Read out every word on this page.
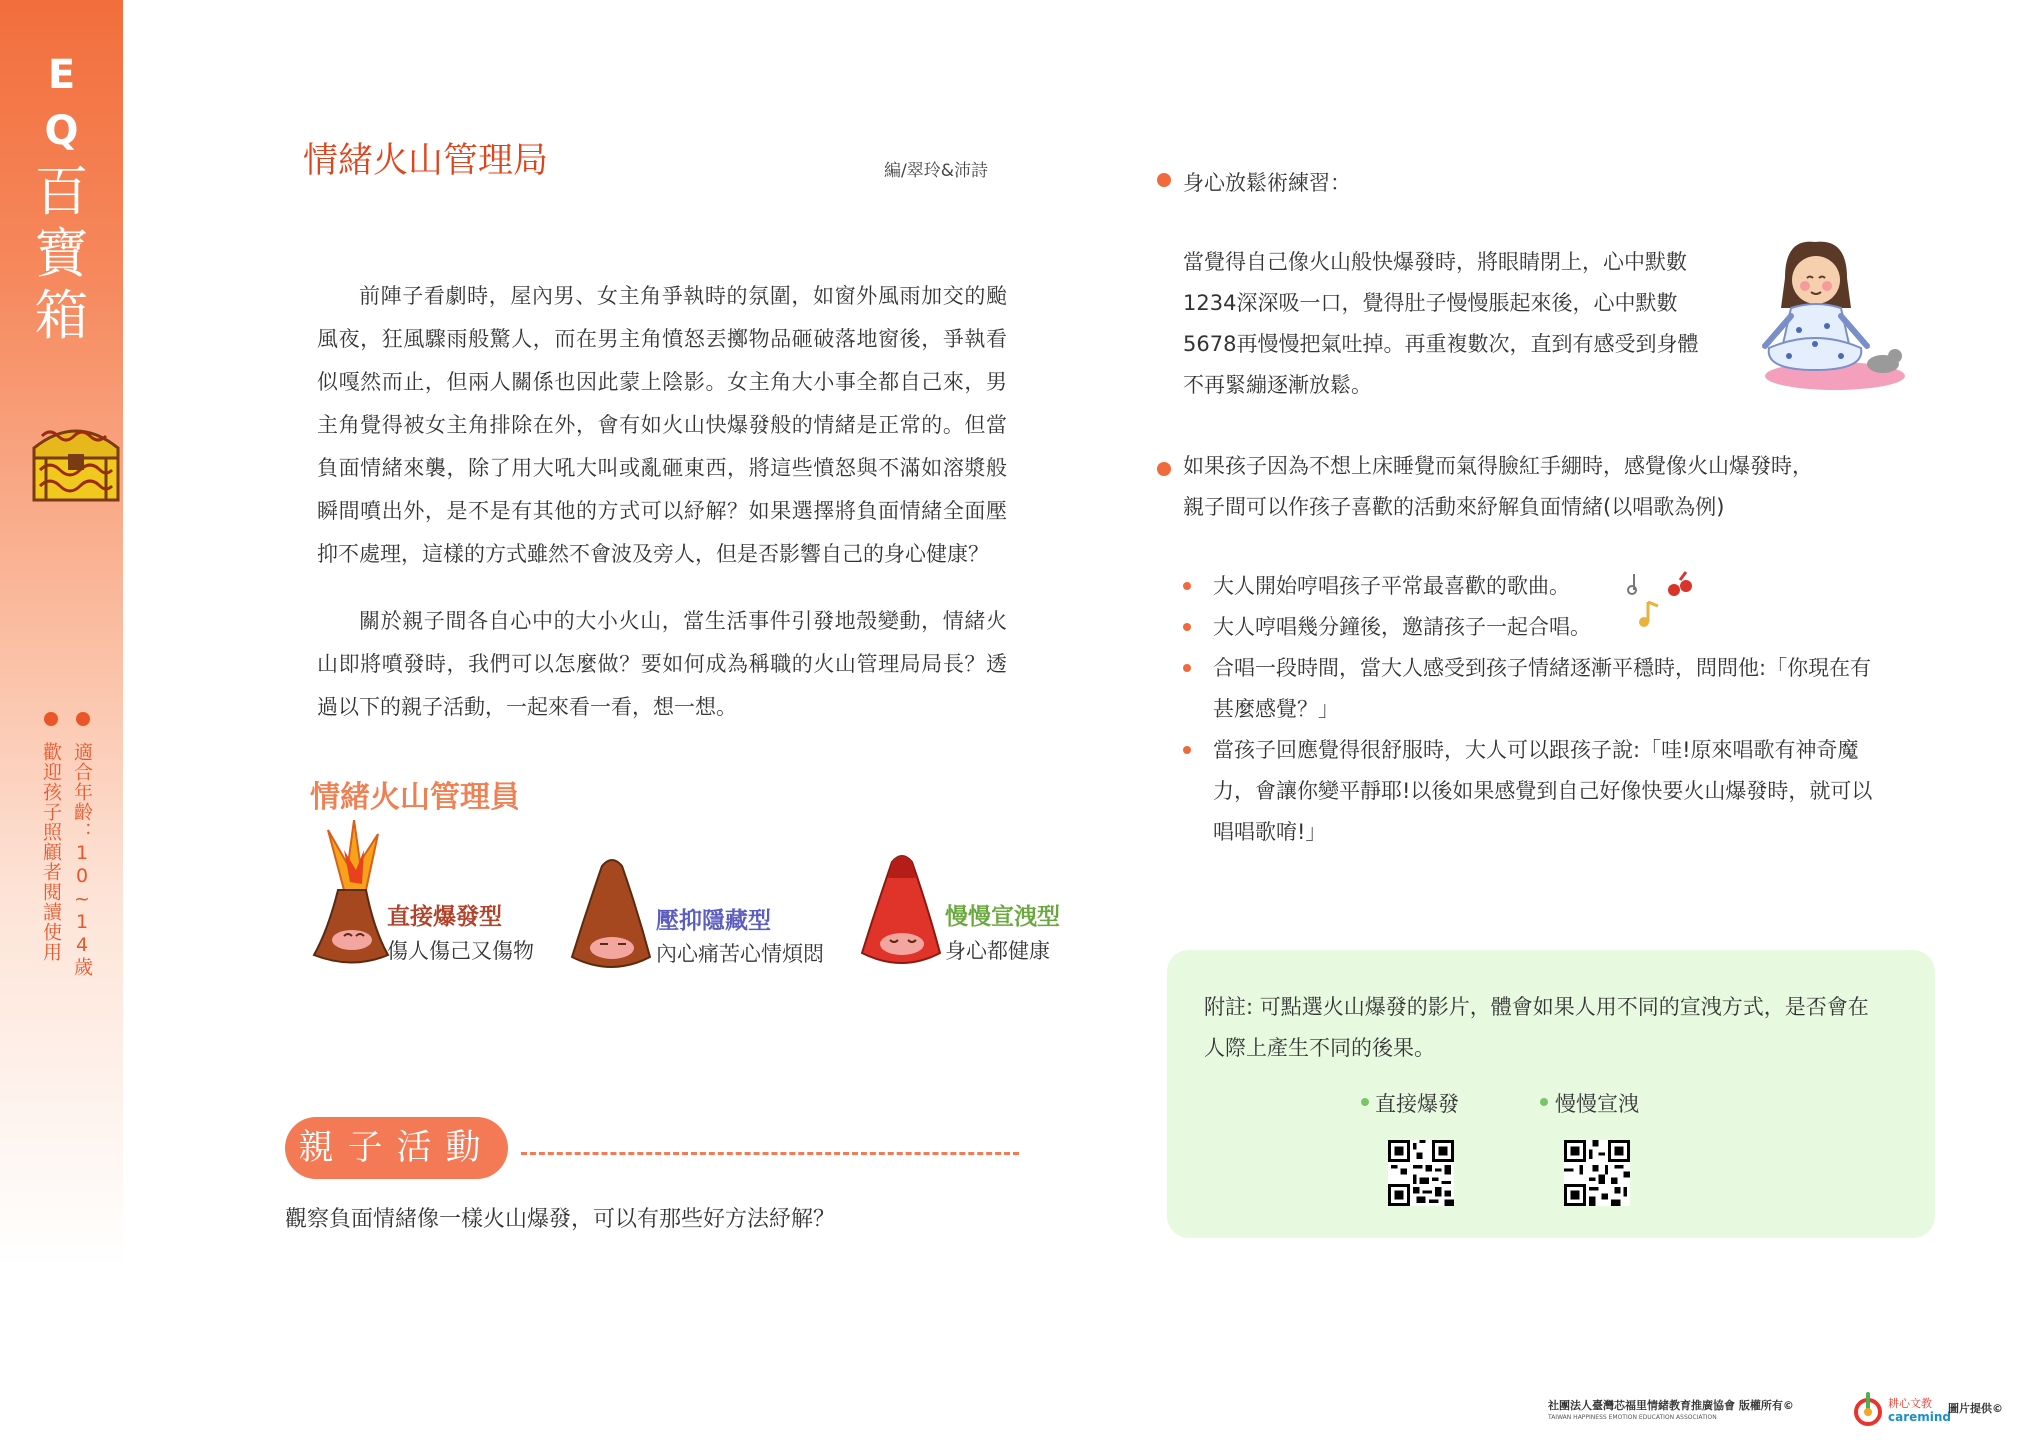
E
Q
百
寶
箱
適合年齡：10~14歲
歡迎孩子照顧者閱讀使用
情緒火山管理局	編/翠玲&沛詩
前陣子看劇時，屋內男、女主角爭執時的氛圍，如窗外風雨加交的颱風夜，狂風驟雨般驚人，而在男主角憤怒丟擲物品砸破落地窗後，爭執看似嘎然而止，但兩人關係也因此蒙上陰影。女主角大小事全都自己來，男主角覺得被女主角排除在外，會有如火山快爆發般的情緒是正常的。但當負面情緒來襲，除了用大吼大叫或亂砸東西，將這些憤怒與不滿如溶漿般瞬間噴出外，是不是有其他的方式可以紓解？如果選擇將負面情緒全面壓抑不處理，這樣的方式雖然不會波及旁人，但是否影響自己的身心健康？
關於親子間各自心中的大小火山，當生活事件引發地殼變動，情緒火山即將噴發時，我們可以怎麼做？要如何成為稱職的火山管理局局長？透過以下的親子活動，一起來看一看，想一想。
情緒火山管理員
直接爆發型
傷人傷己又傷物
壓抑隱藏型
內心痛苦心情煩悶
慢慢宣洩型
身心都健康
親子活動
觀察負面情緒像一樣火山爆發，可以有那些好方法紓解？
身心放鬆術練習：
當覺得自己像火山般快爆發時，將眼睛閉上，心中默數
1234深深吸一口，覺得肚子慢慢脹起來後，心中默數
5678再慢慢把氣吐掉。再重複數次，直到有感受到身體
不再緊繃逐漸放鬆。
如果孩子因為不想上床睡覺而氣得臉紅手綳時，感覺像火山爆發時，
親子間可以作孩子喜歡的活動來紓解負面情緒(以唱歌為例)
大人開始哼唱孩子平常最喜歡的歌曲。
大人哼唱幾分鐘後，邀請孩子一起合唱。
合唱一段時間，當大人感受到孩子情緒逐漸平穩時，問問他:「你現在有
甚麼感覺？」
當孩子回應覺得很舒服時，大人可以跟孩子說:「哇!原來唱歌有神奇魔
力，會讓你變平靜耶!以後如果感覺到自己好像快要火山爆發時，就可以
唱唱歌唷!」
附註: 可點選火山爆發的影片，體會如果人用不同的宣洩方式，是否會在
人際上產生不同的後果。
直接爆發	慢慢宣洩
社團法人臺灣芯福里情緒教育推廣協會 版權所有©
TAIWAN HAPPINESS EMOTION EDUCATION ASSOCIATION
耕心文教
caremind
圖片提供©
